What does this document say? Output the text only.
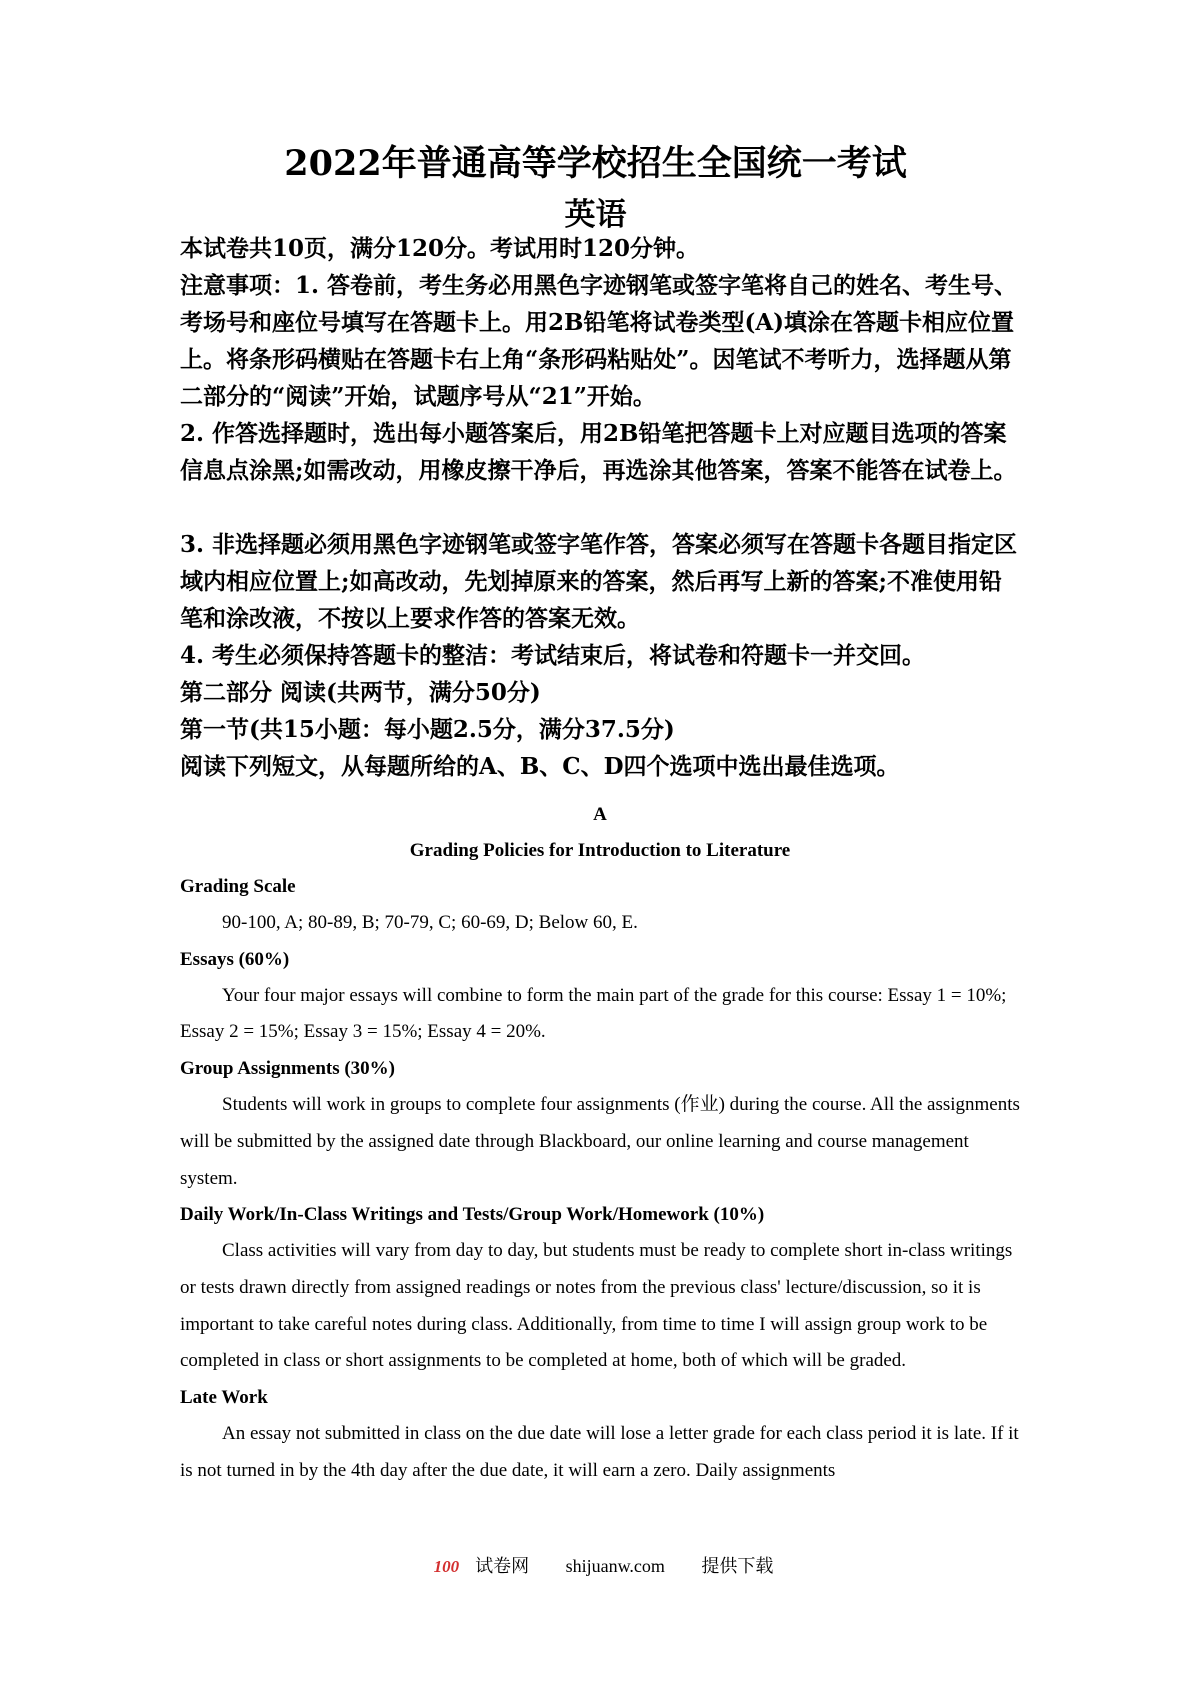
2022年普通高等学校招生全国统一考试
英语
本试卷共10页，满分120分。考试用时120分钟。
注意事项：1. 答卷前，考生务必用黑色字迹钢笔或签字笔将自己的姓名、考生号、考场号和座位号填写在答题卡上。用2B铅笔将试卷类型(A)填涂在答题卡相应位置上。将条形码横贴在答题卡右上角“条形码粘贴处”。因笔试不考听力，选择题从第二部分的“阅读”开始，试题序号从“21”开始。
2. 作答选择题时，选出每小题答案后，用2B铅笔把答题卡上对应题目选项的答案信息点涂黑;如需改动，用橡皮擦干净后，再选涂其他答案，答案不能答在试卷上。
3. 非选择题必须用黑色字迹钢笔或签字笔作答，答案必须写在答题卡各题目指定区域内相应位置上;如高改动，先划掉原来的答案，然后再写上新的答案;不准使用铅笔和涂改液，不按以上要求作答的答案无效。
4. 考生必须保持答题卡的整洁：考试结束后，将试卷和符题卡一并交回。
第二部分 阅读(共两节，满分50分)
第一节(共15小题：每小题2.5分，满分37.5分)
阅读下列短文，从每题所给的A、B、C、D四个选项中选出最佳选项。
A
Grading Policies for Introduction to Literature
Grading Scale

90-100, A; 80-89, B; 70-79, C; 60-69, D; Below 60, E.

Essays (60%)

Your four major essays will combine to form the main part of the grade for this course: Essay 1 = 10%; Essay 2 = 15%; Essay 3 = 15%; Essay 4 = 20%.

Group Assignments (30%)

Students will work in groups to complete four assignments (作业) during the course. All the assignments will be submitted by the assigned date through Blackboard, our online learning and course management system.

Daily Work/In-Class Writings and Tests/Group Work/Homework (10%)

Class activities will vary from day to day, but students must be ready to complete short in-class writings or tests drawn directly from assigned readings or notes from the previous class' lecture/discussion, so it is important to take careful notes during class. Additionally, from time to time I will assign group work to be completed in class or short assignments to be completed at home, both of which will be graded.

Late Work

An essay not submitted in class on the due date will lose a letter grade for each class period it is late. If it is not turned in by the 4th day after the due date, it will earn a zero. Daily assignments

100 试卷网 shijuanw.com 提供下载
